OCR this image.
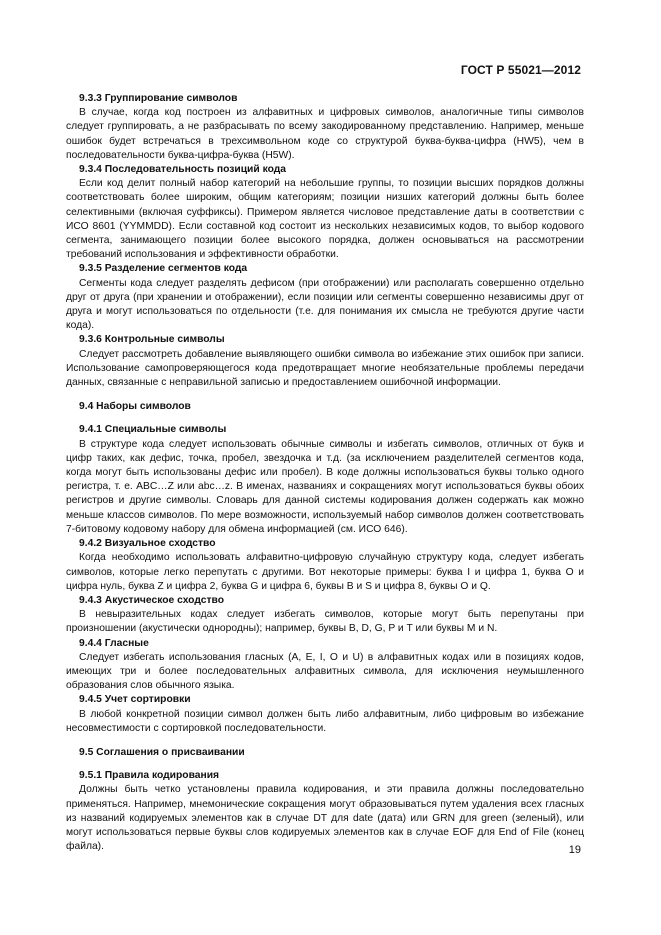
ГОСТ Р 55021—2012
9.3.3 Группирование символов

В случае, когда код построен из алфавитных и цифровых символов, аналогичные типы символов следует группировать, а не разбрасывать по всему закодированному представлению. Например, меньше ошибок будет встречаться в трехсимвольном коде со структурой буква-буква-цифра (HW5), чем в последовательности буква-цифра-буква (H5W).

9.3.4 Последовательность позиций кода

Если код делит полный набор категорий на небольшие группы, то позиции высших порядков должны соответствовать более широким, общим категориям; позиции низших категорий должны быть более селективными (включая суффиксы). Примером является числовое представление даты в соответствии с ИСО 8601 (YYMMDD). Если составной код состоит из нескольких независимых кодов, то выбор кодового сегмента, занимающего позиции более высокого порядка, должен основываться на рассмотрении требований использования и эффективности обработки.

9.3.5 Разделение сегментов кода

Сегменты кода следует разделять дефисом (при отображении) или располагать совершенно отдельно друг от друга (при хранении и отображении), если позиции или сегменты совершенно независимы друг от друга и могут использоваться по отдельности (т.е. для понимания их смысла не требуются другие части кода).

9.3.6 Контрольные символы

Следует рассмотреть добавление выявляющего ошибки символа во избежание этих ошибок при записи. Использование самопроверяющегося кода предотвращает многие необязательные проблемы передачи данных, связанные с неправильной записью и предоставлением ошибочной информации.

9.4 Наборы символов
9.4.1 Специальные символы

В структуре кода следует использовать обычные символы и избегать символов, отличных от букв и цифр таких, как дефис, точка, пробел, звездочка и т.д. (за исключением разделителей сегментов кода, когда могут быть использованы дефис или пробел). В коде должны использоваться буквы только одного регистра, т. е. ABC…Z или abc…z. В именах, названиях и сокращениях могут использоваться буквы обоих регистров и другие символы. Словарь для данной системы кодирования должен содержать как можно меньше классов символов. По мере возможности, используемый набор символов должен соответствовать 7-битовому кодовому набору для обмена информацией (см. ИСО 646).

9.4.2 Визуальное сходство

Когда необходимо использовать алфавитно-цифровую случайную структуру кода, следует избегать символов, которые легко перепутать с другими. Вот некоторые примеры: буква I и цифра 1, буква O и цифра нуль, буква Z и цифра 2, буква G и цифра 6, буквы B и S и цифра 8, буквы O и Q.

9.4.3 Акустическое сходство

В невыразительных кодах следует избегать символов, которые могут быть перепутаны при произношении (акустически однородны); например, буквы B, D, G, P и T или буквы M и N.

9.4.4 Гласные

Следует избегать использования гласных (A, E, I, O и U) в алфавитных кодах или в позициях кодов, имеющих три и более последовательных алфавитных символа, для исключения неумышленного образования слов обычного языка.

9.4.5 Учет сортировки

В любой конкретной позиции символ должен быть либо алфавитным, либо цифровым во избежание несовместимости с сортировкой последовательности.

9.5 Соглашения о присваивании
9.5.1 Правила кодирования

Должны быть четко установлены правила кодирования, и эти правила должны последовательно применяться. Например, мнемонические сокращения могут образовываться путем удаления всех гласных из названий кодируемых элементов как в случае DT для date (дата) или GRN для green (зеленый), или могут использоваться первые буквы слов кодируемых элементов как в случае EOF для End of File (конец файла).	19
